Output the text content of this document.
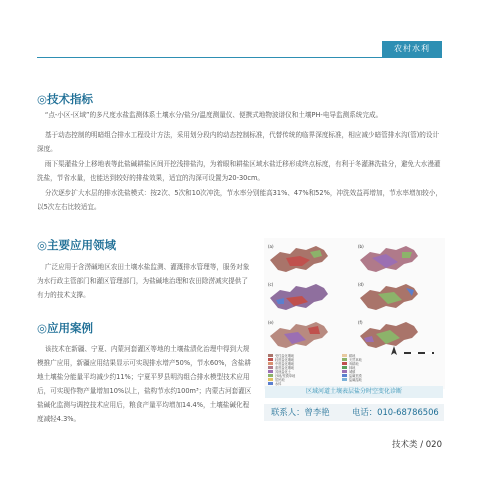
农村水利
◎技术指标

“点-小区-区域”的多尺度水盐监测体系土壤水分/盐分/温度测量仪、便携式地物波谱仪和土壤PH-电导监测系统完成。

基于动态控制的明暗组合排水工程设计方法，采用划分段内的动态控制标准，代替传统的临界深度标准，相应减少暗管排水沟(管)的设计深度。

雨下渠灌盐分上移地表等此盐碱耕盐区间开挖浅排盐沟，为着眼和耕盐区域水盐迁移形成终点标度，有利于冬灌淋洗盐分，避免大水漫灌洗盐，节省水量，也能达到较好的排盐效果，适宜的沟深可设置为20-30cm。

分次逐步扩大水层的排水洗盐模式：按2次、5次和10次冲洗，节水率分别能高31%、47%和52%，冲洗效益再增加，节水率增加较小，以5次左右比较适宜。

◎主要应用领域

广泛应用于含涝碱地区农田土壤水盐监测、灌溉排水管理等，服务对象为水行政主管部门和灌区管理部门，为盐碱地治理和农田除涝减灾提供了有力的技术支撑。

◎应用案例

该技术在新疆、宁夏、内蒙河套灌区等地的土壤盐渍化治理中得到大规模推广应用，新疆应用结果显示可实现排水增产50%，节水60%，含盐耕地土壤盐分能量平均减少约11%；宁夏平罗县明沟组合排水模型技术应用后，可实现作物产量增加10%以上，盐构节水约100m³；内蒙古河套灌区盐碱化监测与调控技术应用后，粮食产量平均增加14.4%，土壤盐碱化程度减轻4.3%。

(a)	(b)
(c)	(d)
(e)	(f)
受性盐化壤地
轻度盐化壤地
中度盐化壤地
重度盐化壤地
其他盐化土
沙地/荒漠草地
居民地
水体
耕地
天然草地
弃耕地
林地
城镇
盐碱荒漠
盐碱湿地
区域河道土壤表层盐分时空变化诊断
联系人：曾李艳	电话：010-68786506
技术类 / 020
